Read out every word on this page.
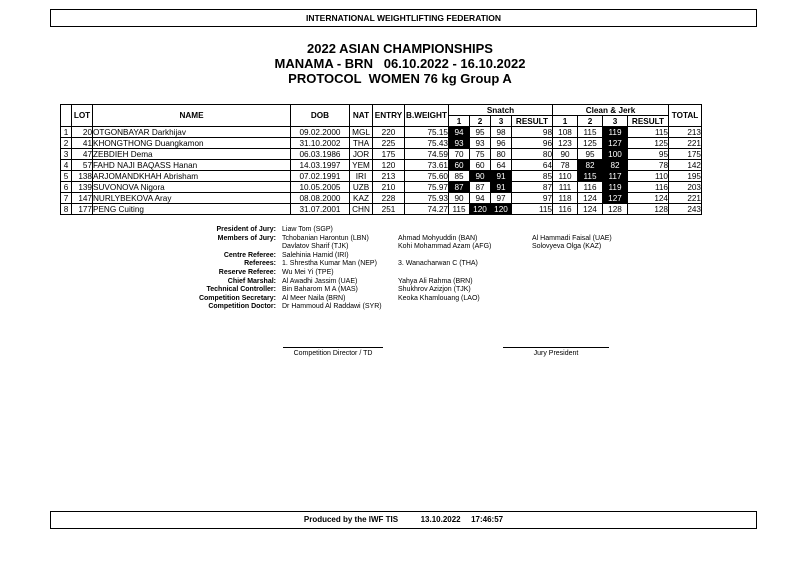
INTERNATIONAL WEIGHTLIFTING FEDERATION
2022 ASIAN CHAMPIONSHIPS
MANAMA - BRN   06.10.2022 - 16.10.2022
PROTOCOL  WOMEN 76 kg Group A
	LOT	NAME	DOB	NAT	ENTRY	B.WEIGHT	Snatch				Clean & Jerk				TOTAL
							1	2	3	RESULT	1	2	3	RESULT	
1	20	OTGONBAYAR Darkhijav	09.02.2000	MGL	220	75.15	94	95	98	98	108	115	119	115	213
2	41	KHONGTHONG Duangkamon	31.10.2002	THA	225	75.43	93	93	96	96	123	125	127	125	221
3	47	ZEBDIEH Dema	06.03.1986	JOR	175	74.59	70	75	80	80	90	95	100	95	175
4	57	FAHD NAJI BAQASS Hanan	14.03.1997	YEM	120	73.61	60	60	64	64	78	82	82	78	142
5	138	ARJOMANDKHAH Abrisham	07.02.1991	IRI	213	75.60	85	90	91	85	110	115	117	110	195
6	139	SUVONOVA Nigora	10.05.2005	UZB	210	75.97	87	87	91	87	111	116	119	116	203
7	147	NURLYBEKOVA Aray	08.08.2000	KAZ	228	75.93	90	94	97	97	118	124	127	124	221
8	177	PENG Cuiting	31.07.2001	CHN	251	74.27	115	120	120	115	116	124	128	128	243
President of Jury: Liaw Tom (SGP)
Members of Jury: Tchobanian Harontun (LBN)	Ahmad Mohyuddin (BAN)	Al Hammadi Faisal (UAE)
Davlatov Sharif (TJK)	Kohi Mohammad Azam (AFG)	Solovyeva Olga (KAZ)
Centre Referee: Salehinia Hamid (IRI)
Referees: 1. Shrestha Kumar Man (NEP)	3. Wanacharwan C (THA)
Reserve Referee: Wu Mei Yi (TPE)
Chief Marshal: Al Awadhi Jassim (UAE)	Yahya Ali Rahma (BRN)
Technical Controller: Bin Baharom M A (MAS)	Shukhrov Azizjon (TJK)
Competition Secretary: Al Meer Naila (BRN)	Keoka Khamlouang (LAO)
Competition Doctor: Dr Hammoud Al Raddawi (SYR)
Competition Director / TD	Jury President
Produced by the IWF TIS	13.10.2022 17:46:57
